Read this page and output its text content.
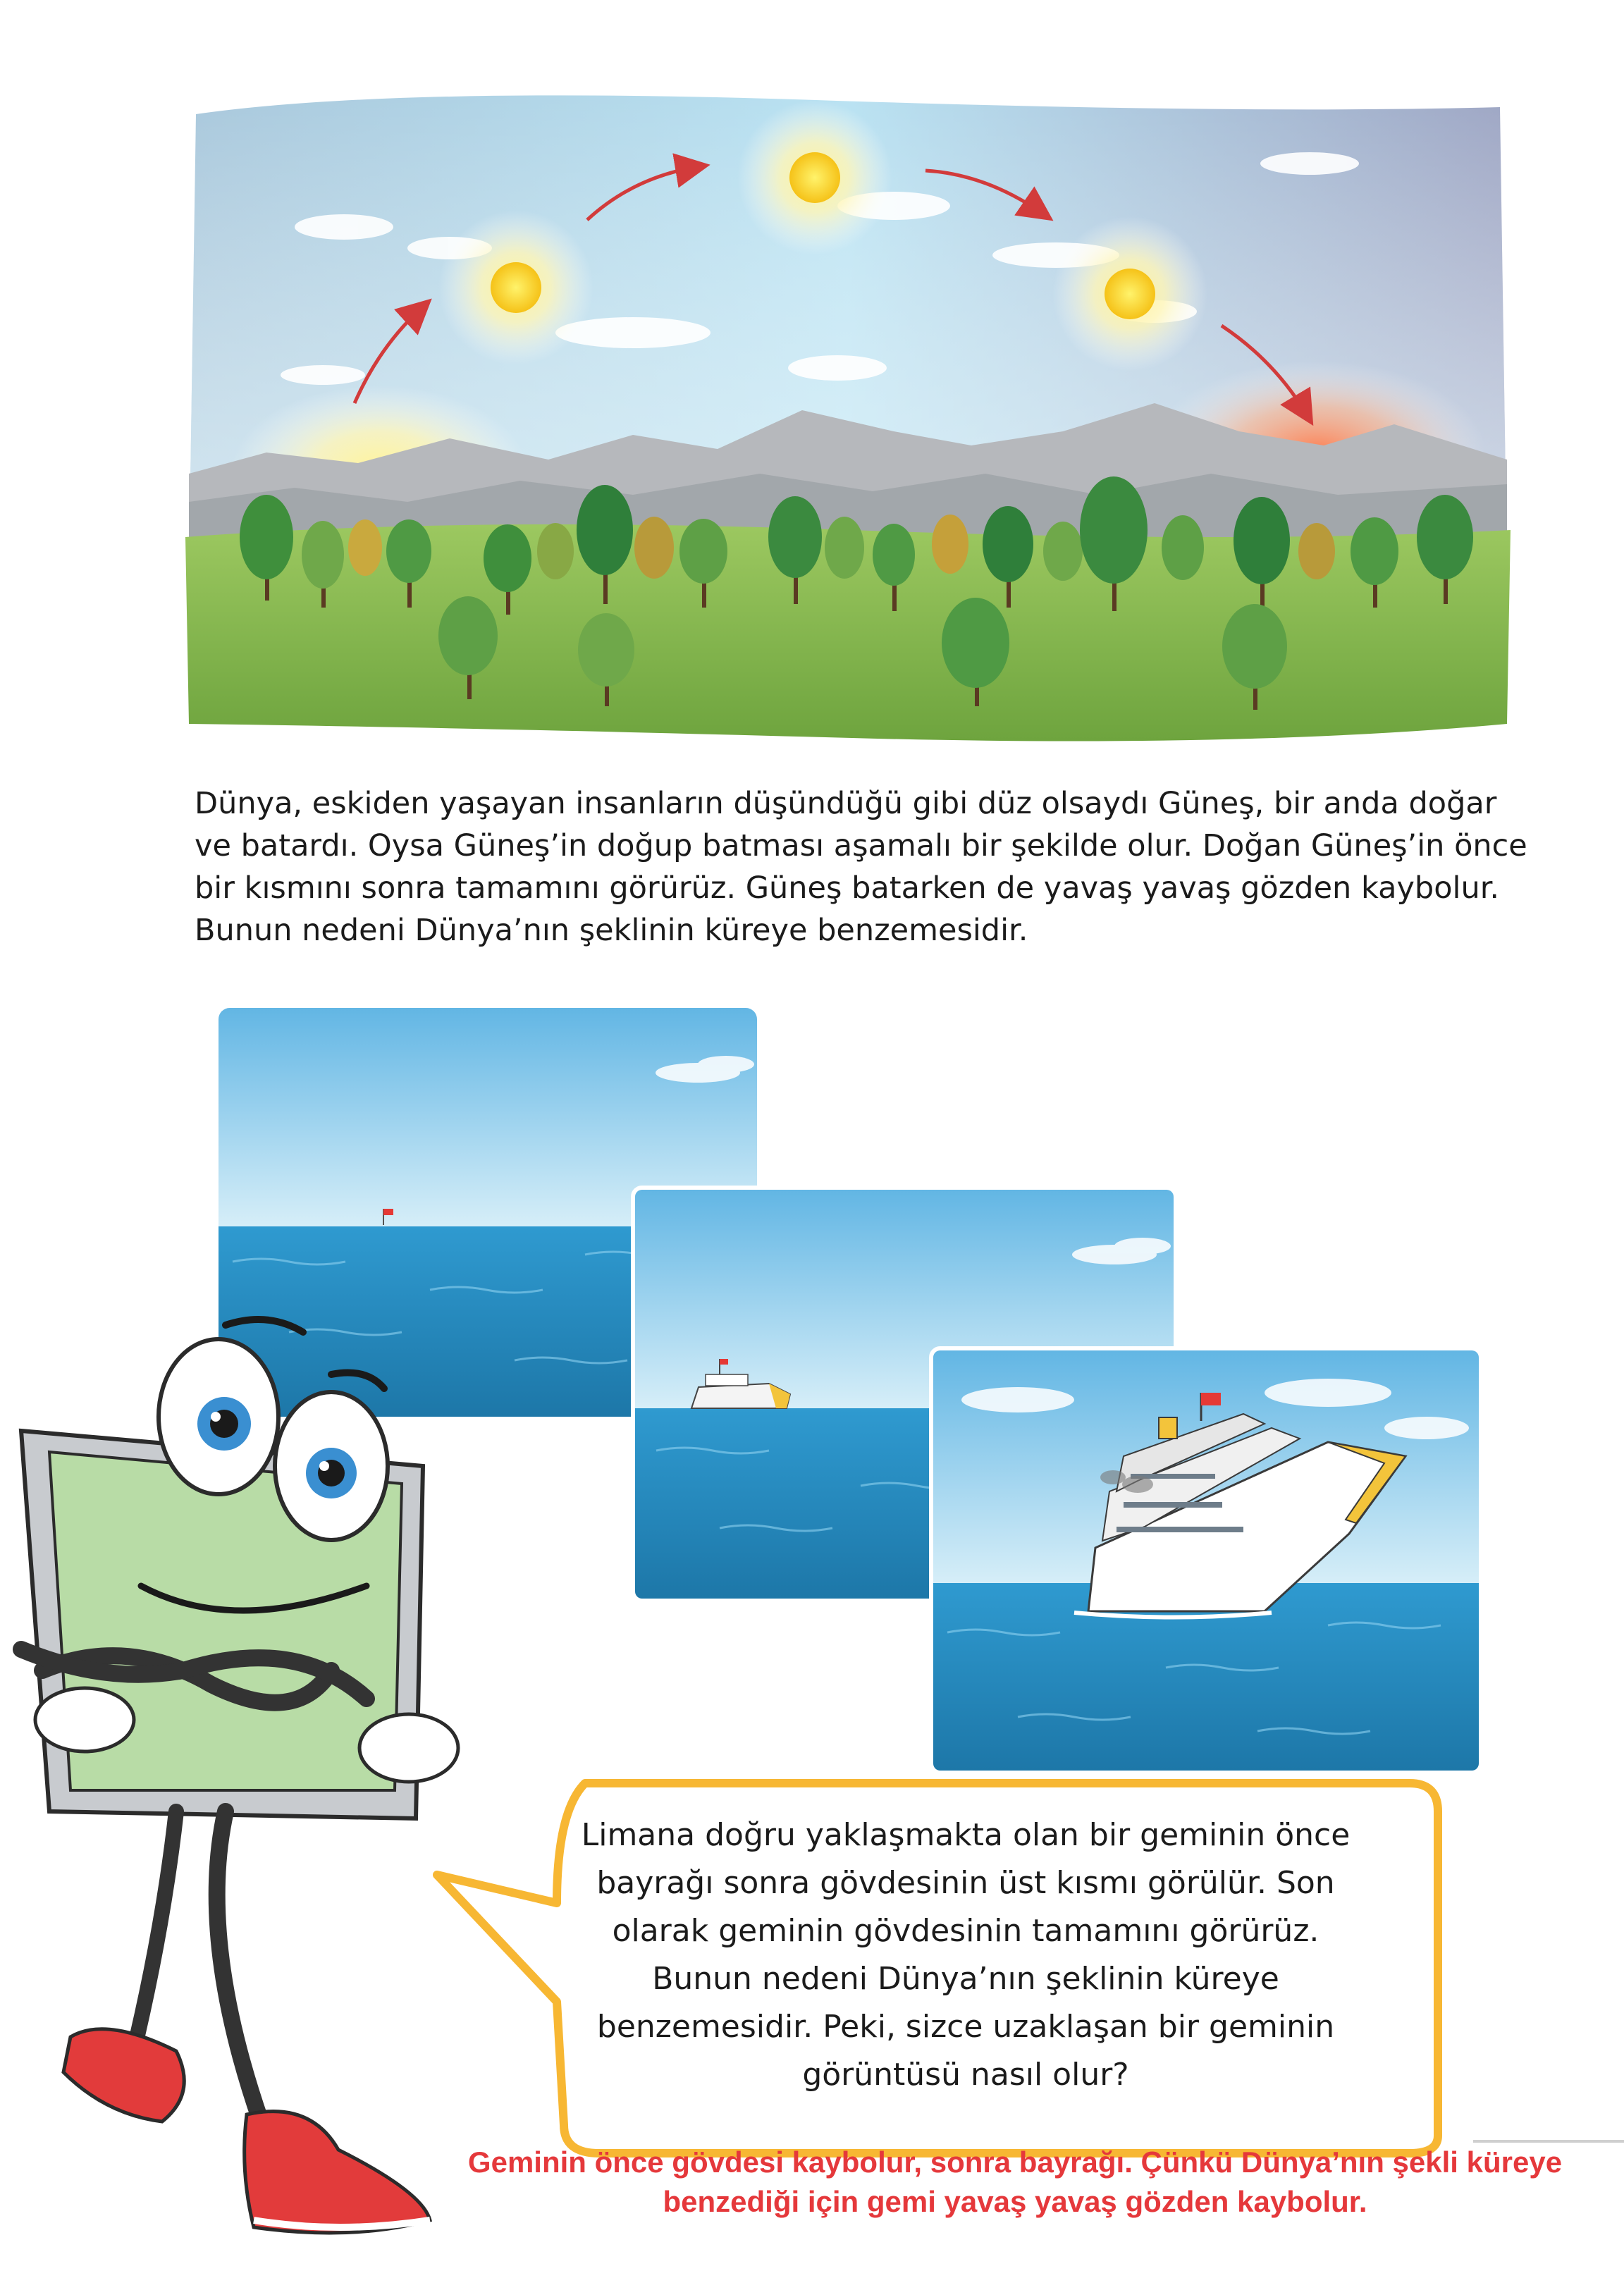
Dünya, eskiden yaşayan insanların düşündüğü gibi düz olsaydı Güneş, bir anda doğar ve batardı. Oysa Güneş’in doğup batması aşamalı bir şekilde olur. Doğan Güneş’in önce bir kısmını sonra tamamını görürüz. Güneş batarken de yavaş yavaş gözden kaybolur. Bunun nedeni Dünya’nın şeklinin küreye benzemesidir.

Limana doğru yaklaşmakta olan bir geminin önce bayrağı sonra gövdesinin üst kısmı görülür. Son olarak geminin gövdesinin tamamını görürüz. Bunun nedeni Dünya’nın şeklinin küreye benzemesidir. Peki, sizce uzaklaşan bir geminin görüntüsü nasıl olur?

Geminin önce gövdesi kaybolur, sonra bayrağı. Çünkü Dünya’nın şekli küreye benzediği için gemi yavaş yavaş gözden kaybolur.
